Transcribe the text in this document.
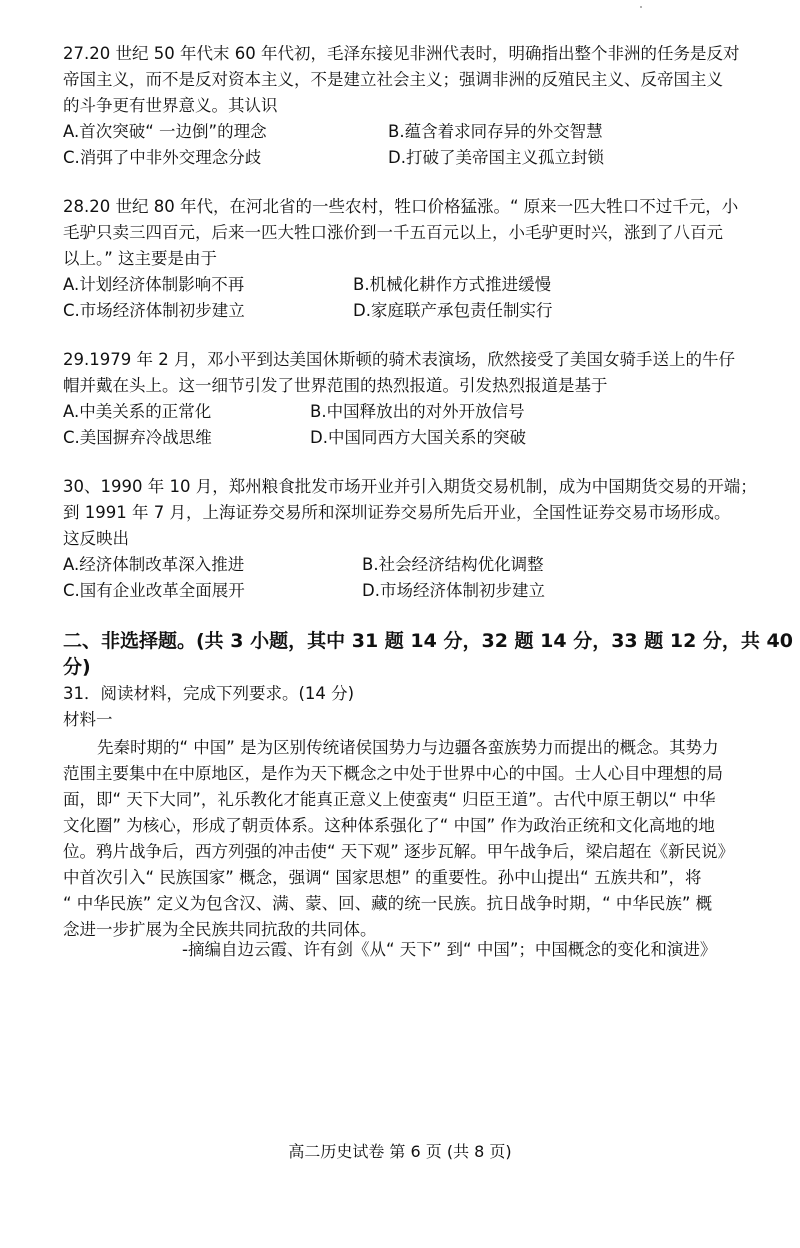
27.20 世纪 50 年代末 60 年代初，毛泽东接见非洲代表时，明确指出整个非洲的任务是反对
帝国主义，而不是反对资本主义，不是建立社会主义；强调非洲的反殖民主义、反帝国主义
的斗争更有世界意义。其认识
A.首次突破“ 一边倒”的理念	B.蕴含着求同存异的外交智慧
C.消弭了中非外交理念分歧	D.打破了美帝国主义孤立封锁
28.20 世纪 80 年代，在河北省的一些农村，牲口价格猛涨。“ 原来一匹大牲口不过千元，小
毛驴只卖三四百元，后来一匹大牲口涨价到一千五百元以上，小毛驴更时兴，涨到了八百元
以上。” 这主要是由于
A.计划经济体制影响不再	B.机械化耕作方式推进缓慢
C.市场经济体制初步建立	D.家庭联产承包责任制实行
29.1979 年 2 月，邓小平到达美国休斯顿的骑术表演场，欣然接受了美国女骑手送上的牛仔
帽并戴在头上。这一细节引发了世界范围的热烈报道。引发热烈报道是基于
A.中美关系的正常化	B.中国释放出的对外开放信号
C.美国摒弃冷战思维	D.中国同西方大国关系的突破
30、1990 年 10 月，郑州粮食批发市场开业并引入期货交易机制，成为中国期货交易的开端；
到 1991 年 7 月，上海证券交易所和深圳证券交易所先后开业，全国性证券交易市场形成。
这反映出
A.经济体制改革深入推进	B.社会经济结构优化调整
C.国有企业改革全面展开	D.市场经济体制初步建立
二、非选择题。(共 3 小题，其中 31 题 14 分，32 题 14 分，33 题 12 分，共 40
分)
31．阅读材料，完成下列要求。(14 分)
材料一
先秦时期的“ 中国” 是为区别传统诸侯国势力与边疆各蛮族势力而提出的概念。其势力
范围主要集中在中原地区，是作为天下概念之中处于世界中心的中国。士人心目中理想的局
面，即“ 天下大同”，礼乐教化才能真正意义上使蛮夷“ 归臣王道”。古代中原王朝以“ 中华
文化圈” 为核心，形成了朝贡体系。这种体系强化了“ 中国” 作为政治正统和文化高地的地
位。鸦片战争后，西方列强的冲击使“ 天下观” 逐步瓦解。甲午战争后，梁启超在《新民说》
中首次引入“ 民族国家” 概念，强调“ 国家思想” 的重要性。孙中山提出“ 五族共和”，将
“ 中华民族” 定义为包含汉、满、蒙、回、藏的统一民族。抗日战争时期，“ 中华民族” 概
念进一步扩展为全民族共同抗敌的共同体。
-摘编自边云霞、许有剑《从“ 天下” 到“ 中国”；中国概念的变化和演进》
高二历史试卷 第 6 页 (共 8 页)
